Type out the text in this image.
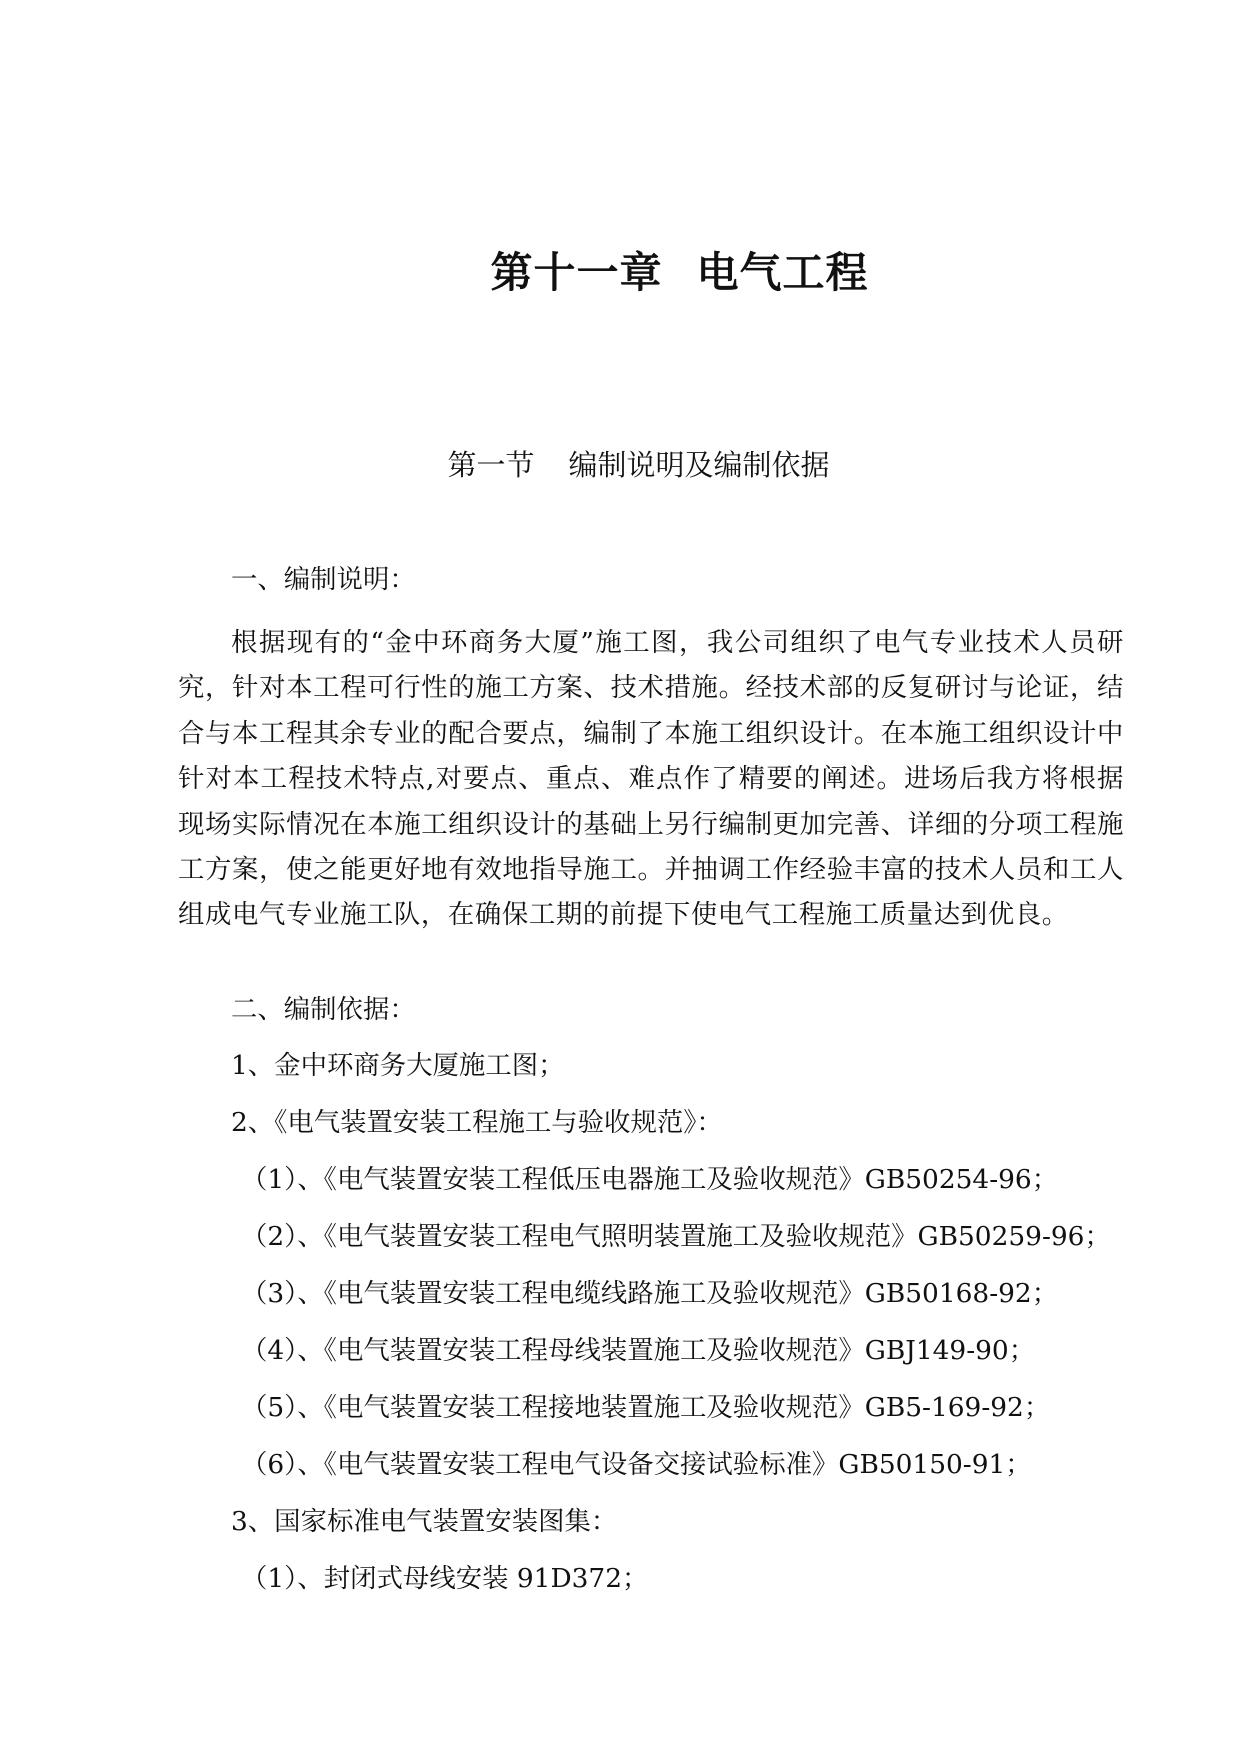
第十一章 电气工程
第一节 编制说明及编制依据
一、编制说明：

根据现有的“金中环商务大厦”施工图，我公司组织了电气专业技术人员研究，针对本工程可行性的施工方案、技术措施。经技术部的反复研讨与论证，结合与本工程其余专业的配合要点，编制了本施工组织设计。在本施工组织设计中针对本工程技术特点,对要点、重点、难点作了精要的阐述。进场后我方将根据现场实际情况在本施工组织设计的基础上另行编制更加完善、详细的分项工程施工方案，使之能更好地有效地指导施工。并抽调工作经验丰富的技术人员和工人组成电气专业施工队，在确保工期的前提下使电气工程施工质量达到优良。

二、编制依据：
1、金中环商务大厦施工图；
2、《电气装置安装工程施工与验收规范》：
（1）、《电气装置安装工程低压电器施工及验收规范》GB50254-96；
（2）、《电气装置安装工程电气照明装置施工及验收规范》GB50259-96；
（3）、《电气装置安装工程电缆线路施工及验收规范》GB50168-92；
（4）、《电气装置安装工程母线装置施工及验收规范》GBJ149-90；
（5）、《电气装置安装工程接地装置施工及验收规范》GB5-169-92；
（6）、《电气装置安装工程电气设备交接试验标准》GB50150-91；
3、国家标准电气装置安装图集：
（1）、封闭式母线安装 91D372；
